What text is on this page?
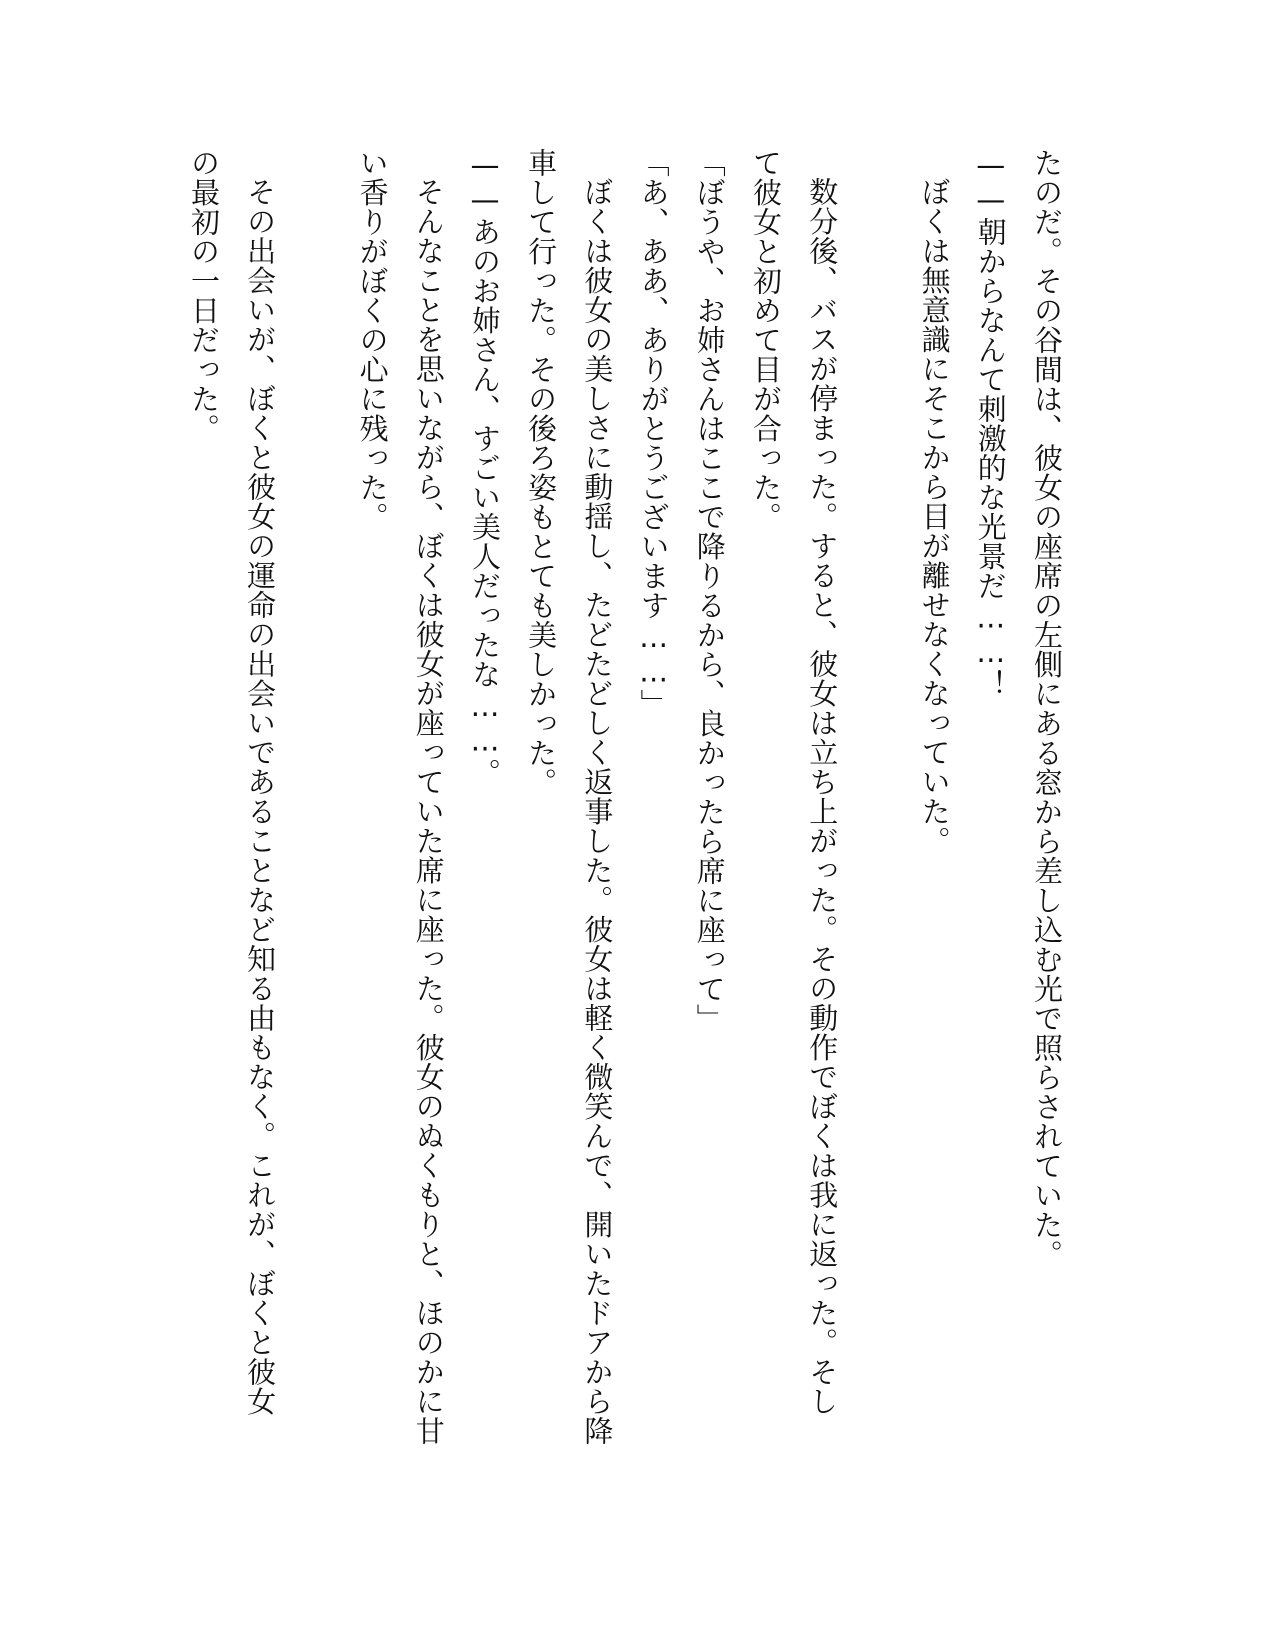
たのだ。その谷間は、彼女の座席の左側にある窓から差し込む光で照らされていた。

——朝からなんて刺激的な光景だ……！

ぼくは無意識にそこから目が離せなくなっていた。

数分後、バスが停まった。すると、彼女は立ち上がった。その動作でぼくは我に返った。そし

て彼女と初めて目が合った。

「ぼうや、お姉さんはここで降りるから、良かったら席に座って」

「あ、ああ、ありがとうございます……」

ぼくは彼女の美しさに動揺し、たどたどしく返事した。彼女は軽く微笑んで、開いたドアから降

車して行った。その後ろ姿もとても美しかった。

——あのお姉さん、すごい美人だったな……。

そんなことを思いながら、ぼくは彼女が座っていた席に座った。彼女のぬくもりと、ほのかに甘

い香りがぼくの心に残った。

その出会いが、ぼくと彼女の運命の出会いであることなど知る由もなく。これが、ぼくと彼女

の最初の一日だった。
